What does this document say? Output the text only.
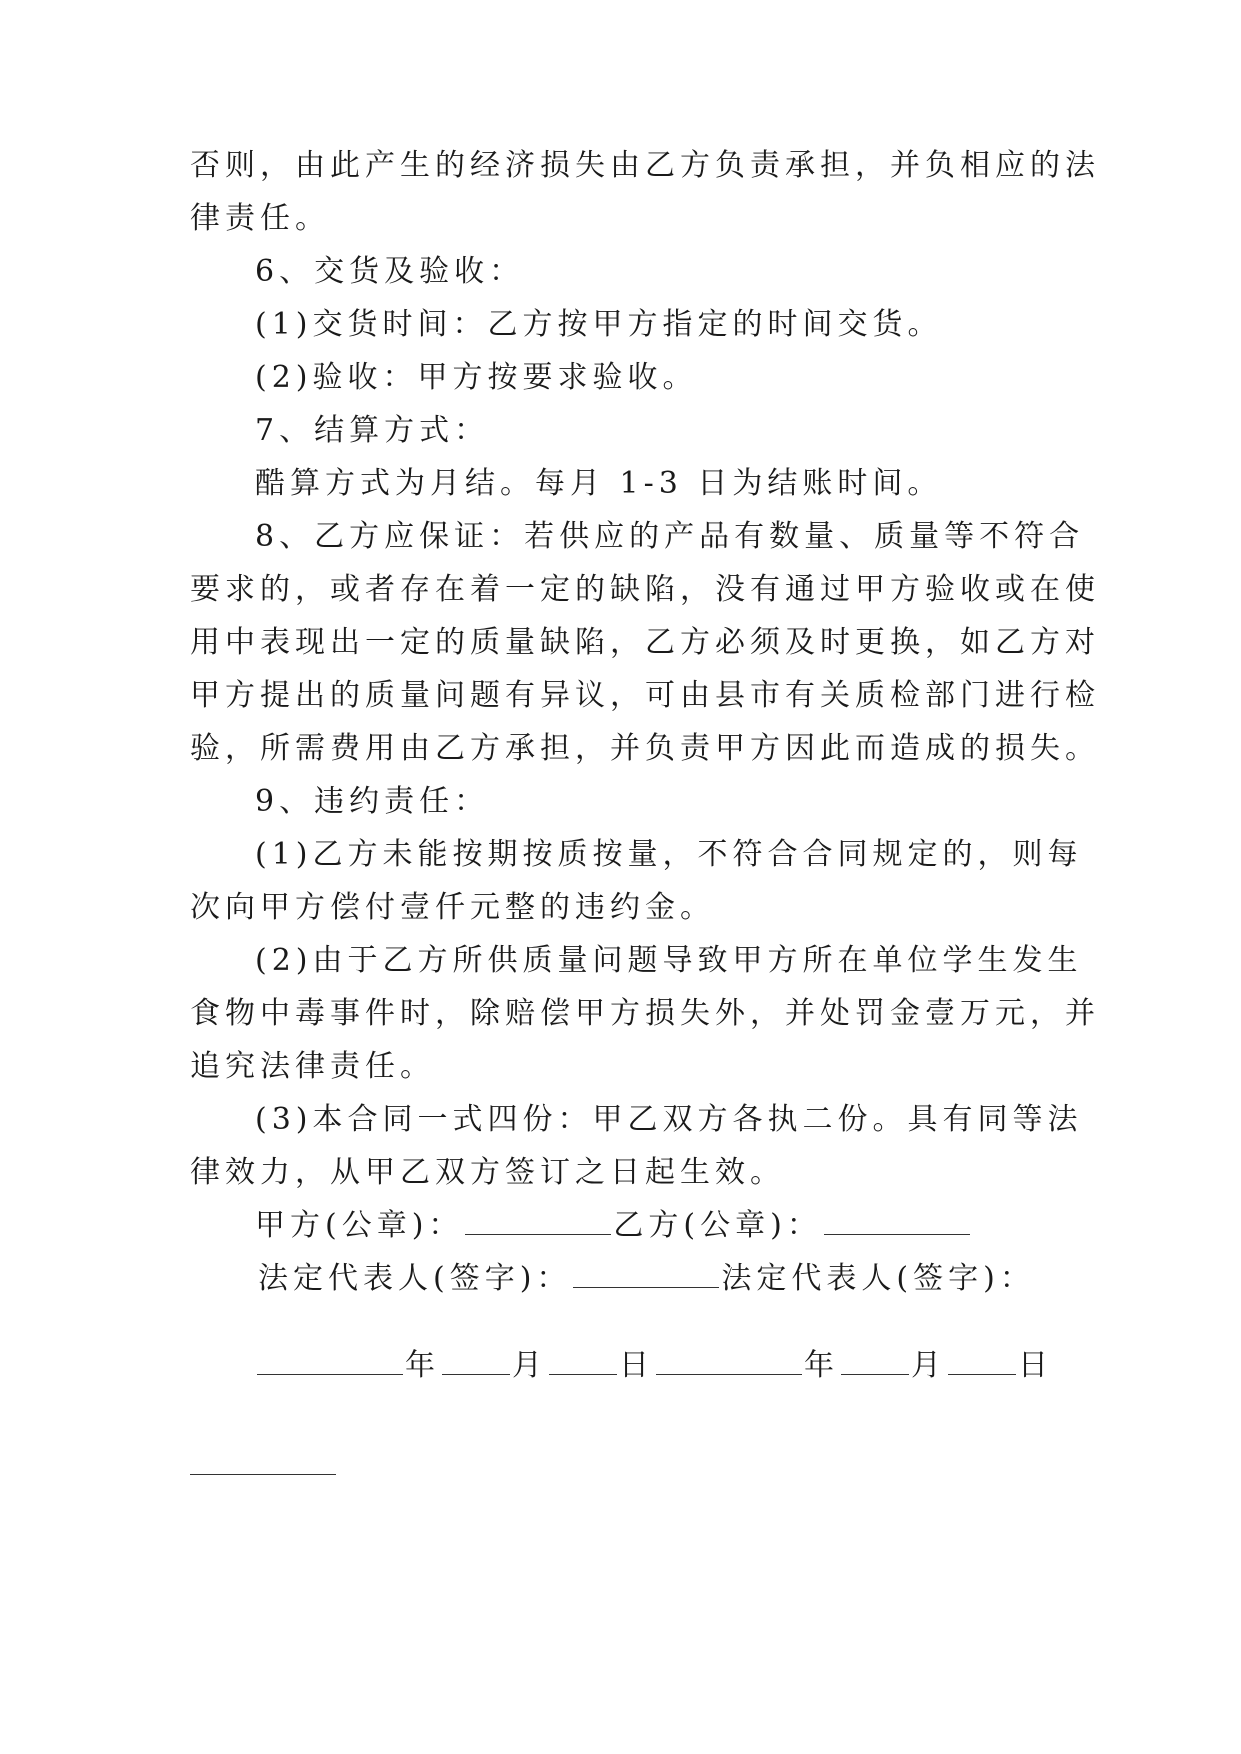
否则，由此产生的经济损失由乙方负责承担，并负相应的法
律责任。
6、交货及验收：
(1)交货时间：乙方按甲方指定的时间交货。
(2)验收：甲方按要求验收。
7、结算方式：
酷算方式为月结。每月 1-3 日为结账时间。
8、乙方应保证：若供应的产品有数量、质量等不符合
要求的，或者存在着一定的缺陷，没有通过甲方验收或在使
用中表现出一定的质量缺陷，乙方必须及时更换，如乙方对
甲方提出的质量问题有异议，可由县市有关质检部门进行检
验，所需费用由乙方承担，并负责甲方因此而造成的损失。
9、违约责任：
(1)乙方未能按期按质按量，不符合合同规定的，则每
次向甲方偿付壹仟元整的违约金。
(2)由于乙方所供质量问题导致甲方所在单位学生发生
食物中毒事件时，除赔偿甲方损失外，并处罚金壹万元，并
追究法律责任。
(3)本合同一式四份：甲乙双方各执二份。具有同等法
律效力，从甲乙双方签订之日起生效。
甲方(公章)：	乙方(公章)：
法定代表人(签字)：	法定代表人(签字)：
年 月 日	年 月 日
